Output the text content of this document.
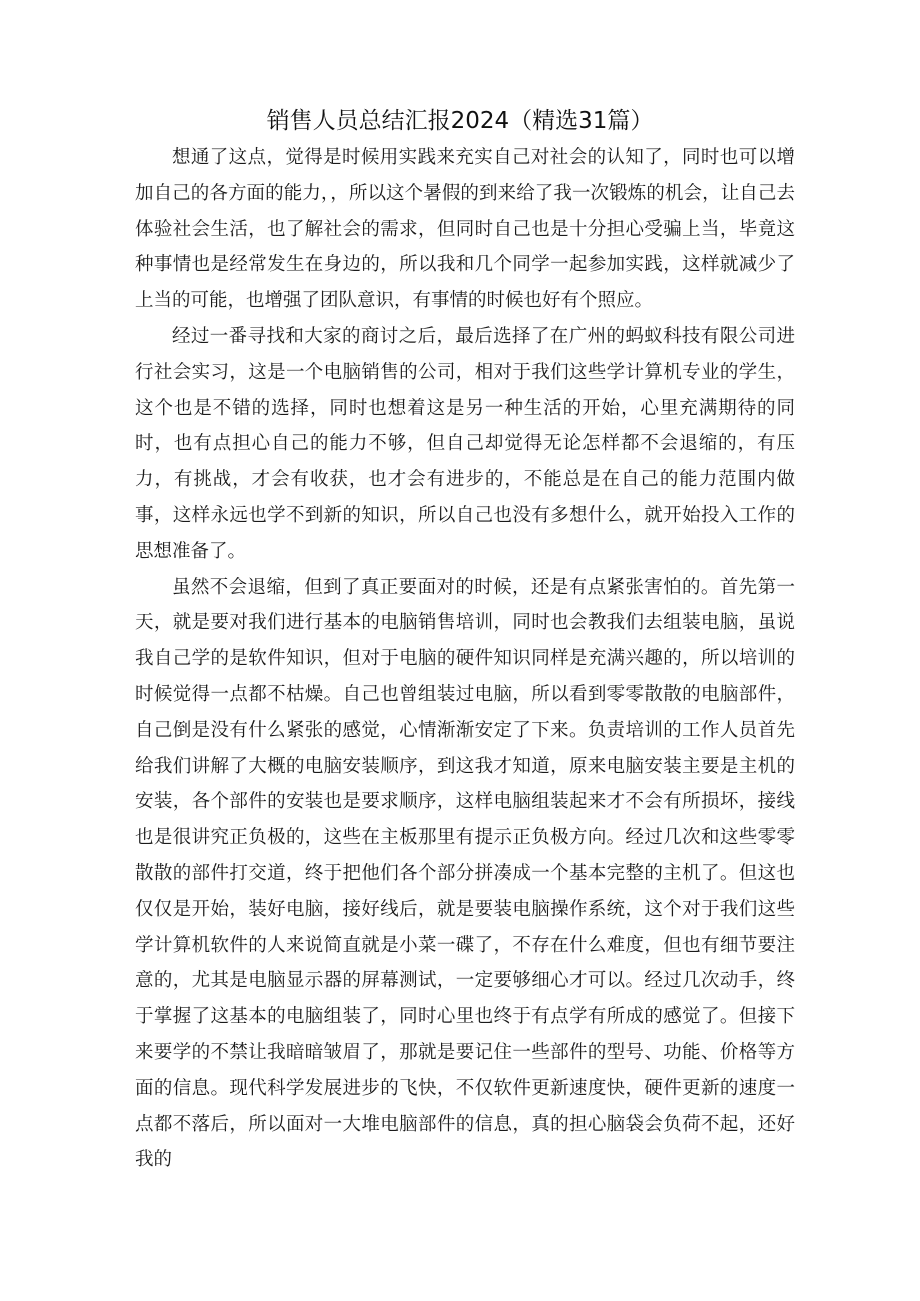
销售人员总结汇报2024（精选31篇）

想通了这点，觉得是时候用实践来充实自己对社会的认知了，同时也可以增加自己的各方面的能力，，所以这个暑假的到来给了我一次锻炼的机会，让自己去体验社会生活，也了解社会的需求，但同时自己也是十分担心受骗上当，毕竟这种事情也是经常发生在身边的，所以我和几个同学一起参加实践，这样就减少了上当的可能，也增强了团队意识，有事情的时候也好有个照应。

经过一番寻找和大家的商讨之后，最后选择了在广州的蚂蚁科技有限公司进行社会实习，这是一个电脑销售的公司，相对于我们这些学计算机专业的学生，这个也是不错的选择，同时也想着这是另一种生活的开始，心里充满期待的同时，也有点担心自己的能力不够，但自己却觉得无论怎样都不会退缩的，有压力，有挑战，才会有收获，也才会有进步的，不能总是在自己的能力范围内做事，这样永远也学不到新的知识，所以自己也没有多想什么，就开始投入工作的思想准备了。

虽然不会退缩，但到了真正要面对的时候，还是有点紧张害怕的。首先第一天，就是要对我们进行基本的电脑销售培训，同时也会教我们去组装电脑，虽说我自己学的是软件知识，但对于电脑的硬件知识同样是充满兴趣的，所以培训的时候觉得一点都不枯燥。自己也曾组装过电脑，所以看到零零散散的电脑部件，自己倒是没有什么紧张的感觉，心情渐渐安定了下来。负责培训的工作人员首先给我们讲解了大概的电脑安装顺序，到这我才知道，原来电脑安装主要是主机的安装，各个部件的安装也是要求顺序，这样电脑组装起来才不会有所损坏，接线也是很讲究正负极的，这些在主板那里有提示正负极方向。经过几次和这些零零散散的部件打交道，终于把他们各个部分拼凑成一个基本完整的主机了。但这也仅仅是开始，装好电脑，接好线后，就是要装电脑操作系统，这个对于我们这些学计算机软件的人来说简直就是小菜一碟了，不存在什么难度，但也有细节要注意的，尤其是电脑显示器的屏幕测试，一定要够细心才可以。经过几次动手，终于掌握了这基本的电脑组装了，同时心里也终于有点学有所成的感觉了。但接下来要学的不禁让我暗暗皱眉了，那就是要记住一些部件的型号、功能、价格等方面的信息。现代科学发展进步的飞快，不仅软件更新速度快，硬件更新的速度一点都不落后，所以面对一大堆电脑部件的信息，真的担心脑袋会负荷不起，还好我的
